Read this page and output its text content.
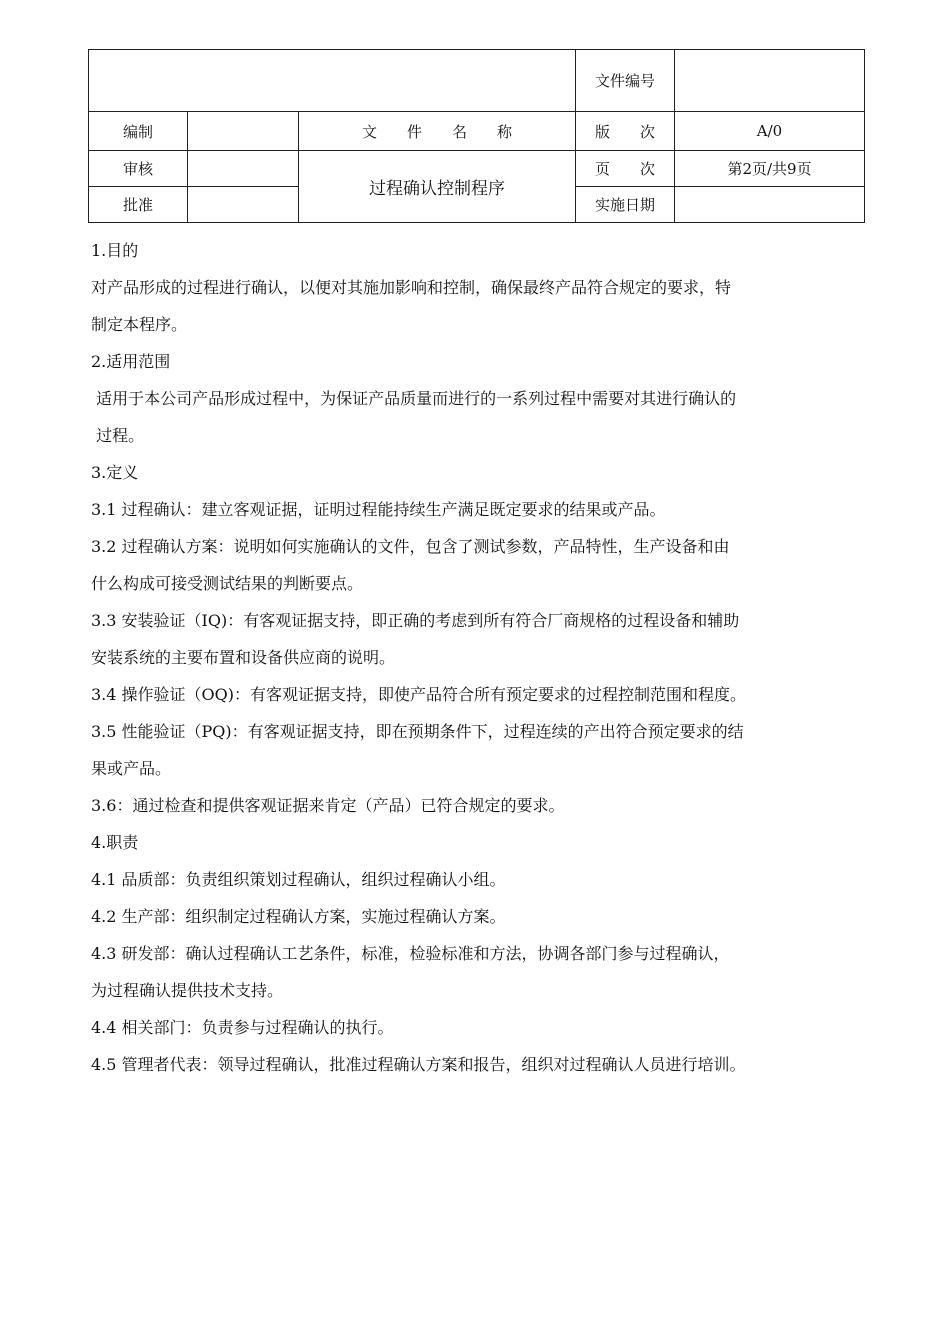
			文件编号	
编制		文　　件　　名　　称	版　　次	A/0
审核		过程确认控制程序	页　　次	第2页/共9页
批准			实施日期	

1.目的

对产品形成的过程进行确认，以便对其施加影响和控制，确保最终产品符合规定的要求，特

制定本程序。

2.适用范围

适用于本公司产品形成过程中，为保证产品质量而进行的一系列过程中需要对其进行确认的

过程。

3.定义

3.1 过程确认：建立客观证据，证明过程能持续生产满足既定要求的结果或产品。

3.2 过程确认方案：说明如何实施确认的文件，包含了测试参数，产品特性，生产设备和由

什么构成可接受测试结果的判断要点。

3.3 安装验证（IQ)：有客观证据支持，即正确的考虑到所有符合厂商规格的过程设备和辅助

安装系统的主要布置和设备供应商的说明。

3.4 操作验证（OQ)：有客观证据支持，即使产品符合所有预定要求的过程控制范围和程度。

3.5 性能验证（PQ)：有客观证据支持，即在预期条件下，过程连续的产出符合预定要求的结

果或产品。

3.6：通过检查和提供客观证据来肯定（产品）已符合规定的要求。

4.职责

4.1 品质部：负责组织策划过程确认，组织过程确认小组。

4.2 生产部：组织制定过程确认方案，实施过程确认方案。

4.3 研发部：确认过程确认工艺条件，标准，检验标准和方法，协调各部门参与过程确认，

为过程确认提供技术支持。

4.4 相关部门：负责参与过程确认的执行。

4.5 管理者代表：领导过程确认，批准过程确认方案和报告，组织对过程确认人员进行培训。
